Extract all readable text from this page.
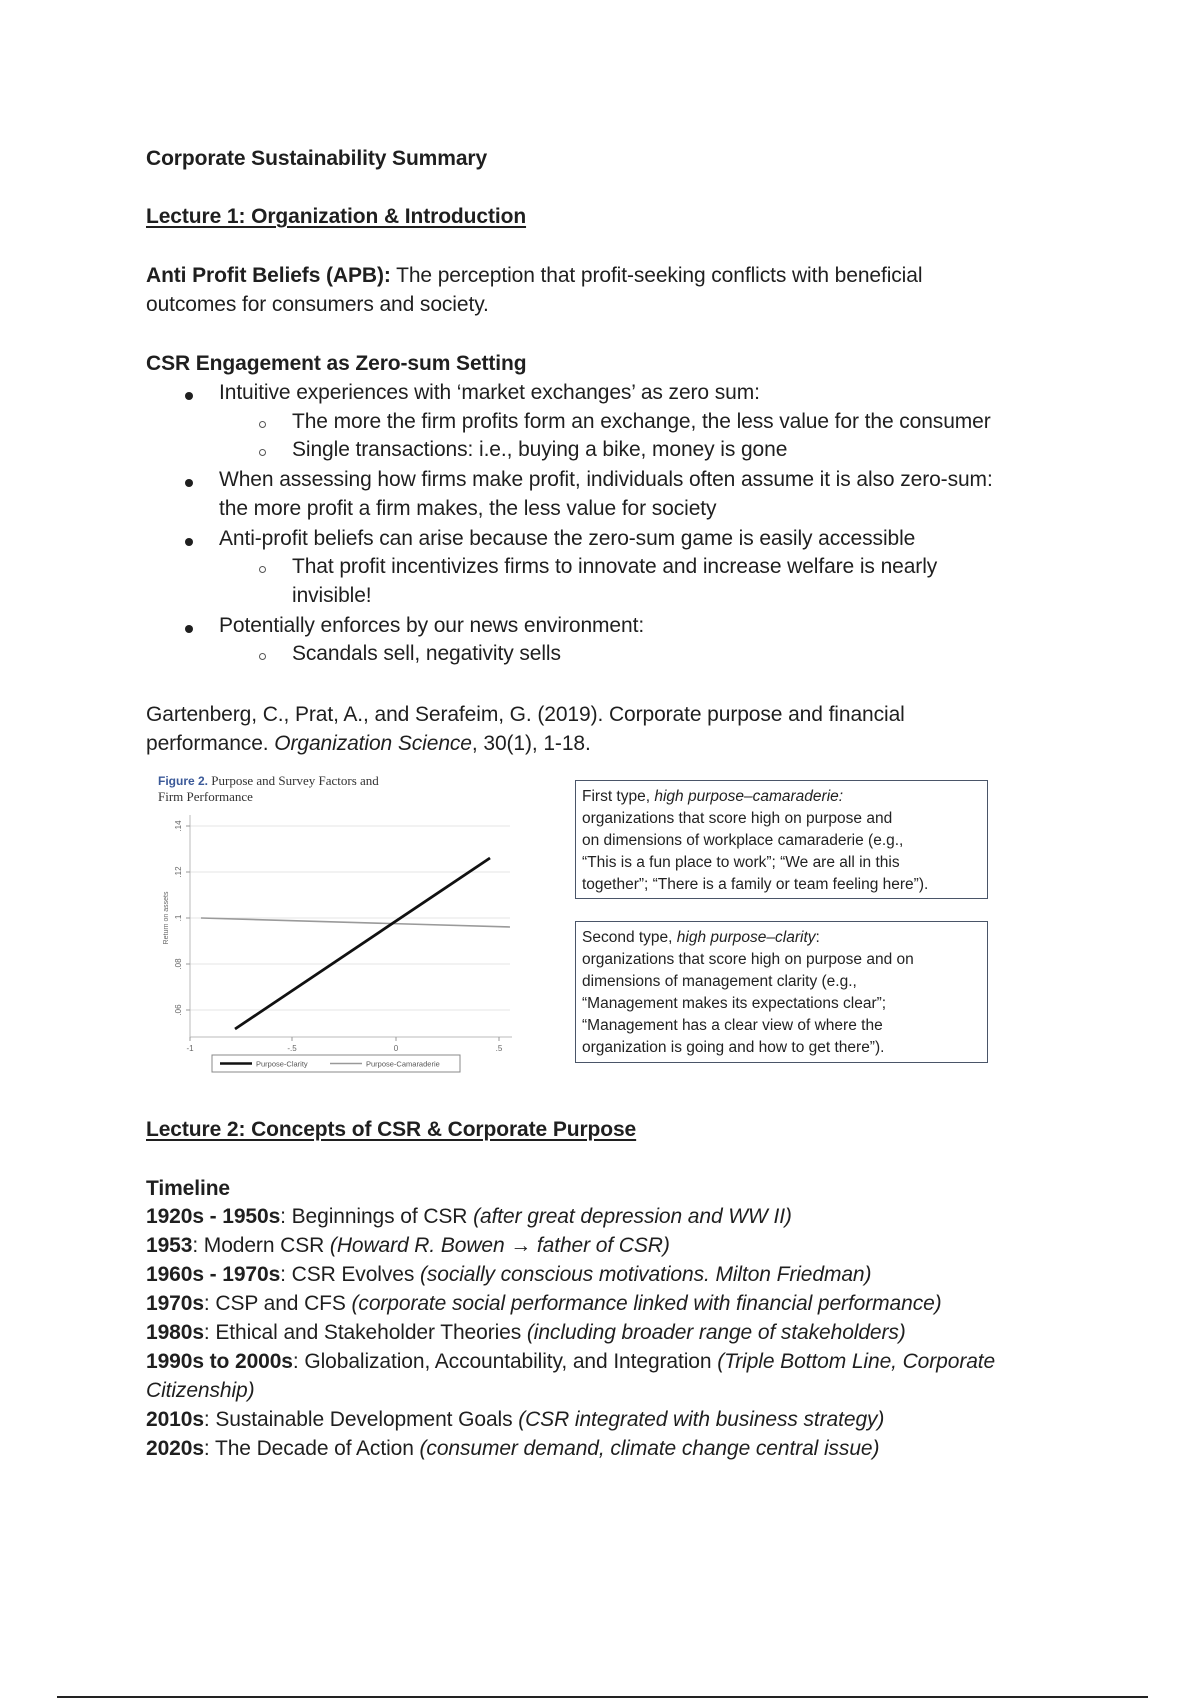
Corporate Sustainability Summary
Lecture 1: Organization & Introduction
Anti Profit Beliefs (APB): The perception that profit-seeking conflicts with beneficial
outcomes for consumers and society.
CSR Engagement as Zero-sum Setting
Intuitive experiences with ‘market exchanges’ as zero sum:
The more the firm profits form an exchange, the less value for the consumer
Single transactions: i.e., buying a bike, money is gone
When assessing how firms make profit, individuals often assume it is also zero-sum:
the more profit a firm makes, the less value for society
Anti-profit beliefs can arise because the zero-sum game is easily accessible
That profit incentivizes firms to innovate and increase welfare is nearly
invisible!
Potentially enforces by our news environment:
Scandals sell, negativity sells
Gartenberg, C., Prat, A., and Serafeim, G. (2019). Corporate purpose and financial
performance. Organization Science, 30(1), 1-18.
Figure 2. Purpose and Survey Factors and
Firm Performance
.14
.12
.1
.08
.06
Return on assets
-1	-.5	0	.5
Purpose-Clarity	Purpose-Camaraderie
First type, high purpose–camaraderie:
organizations that score high on purpose and
on dimensions of workplace camaraderie (e.g.,
“This is a fun place to work”; “We are all in this
together”; “There is a family or team feeling here”).
Second type, high purpose–clarity:
organizations that score high on purpose and on
dimensions of management clarity (e.g.,
“Management makes its expectations clear”;
“Management has a clear view of where the
organization is going and how to get there”).
Lecture 2: Concepts of CSR & Corporate Purpose
Timeline
1920s - 1950s: Beginnings of CSR (after great depression and WW II)
1953: Modern CSR (Howard R. Bowen → father of CSR)
1960s - 1970s: CSR Evolves (socially conscious motivations. Milton Friedman)
1970s: CSP and CFS (corporate social performance linked with financial performance)
1980s: Ethical and Stakeholder Theories (including broader range of stakeholders)
1990s to 2000s: Globalization, Accountability, and Integration (Triple Bottom Line, Corporate
Citizenship)
2010s: Sustainable Development Goals (CSR integrated with business strategy)
2020s: The Decade of Action (consumer demand, climate change central issue)
